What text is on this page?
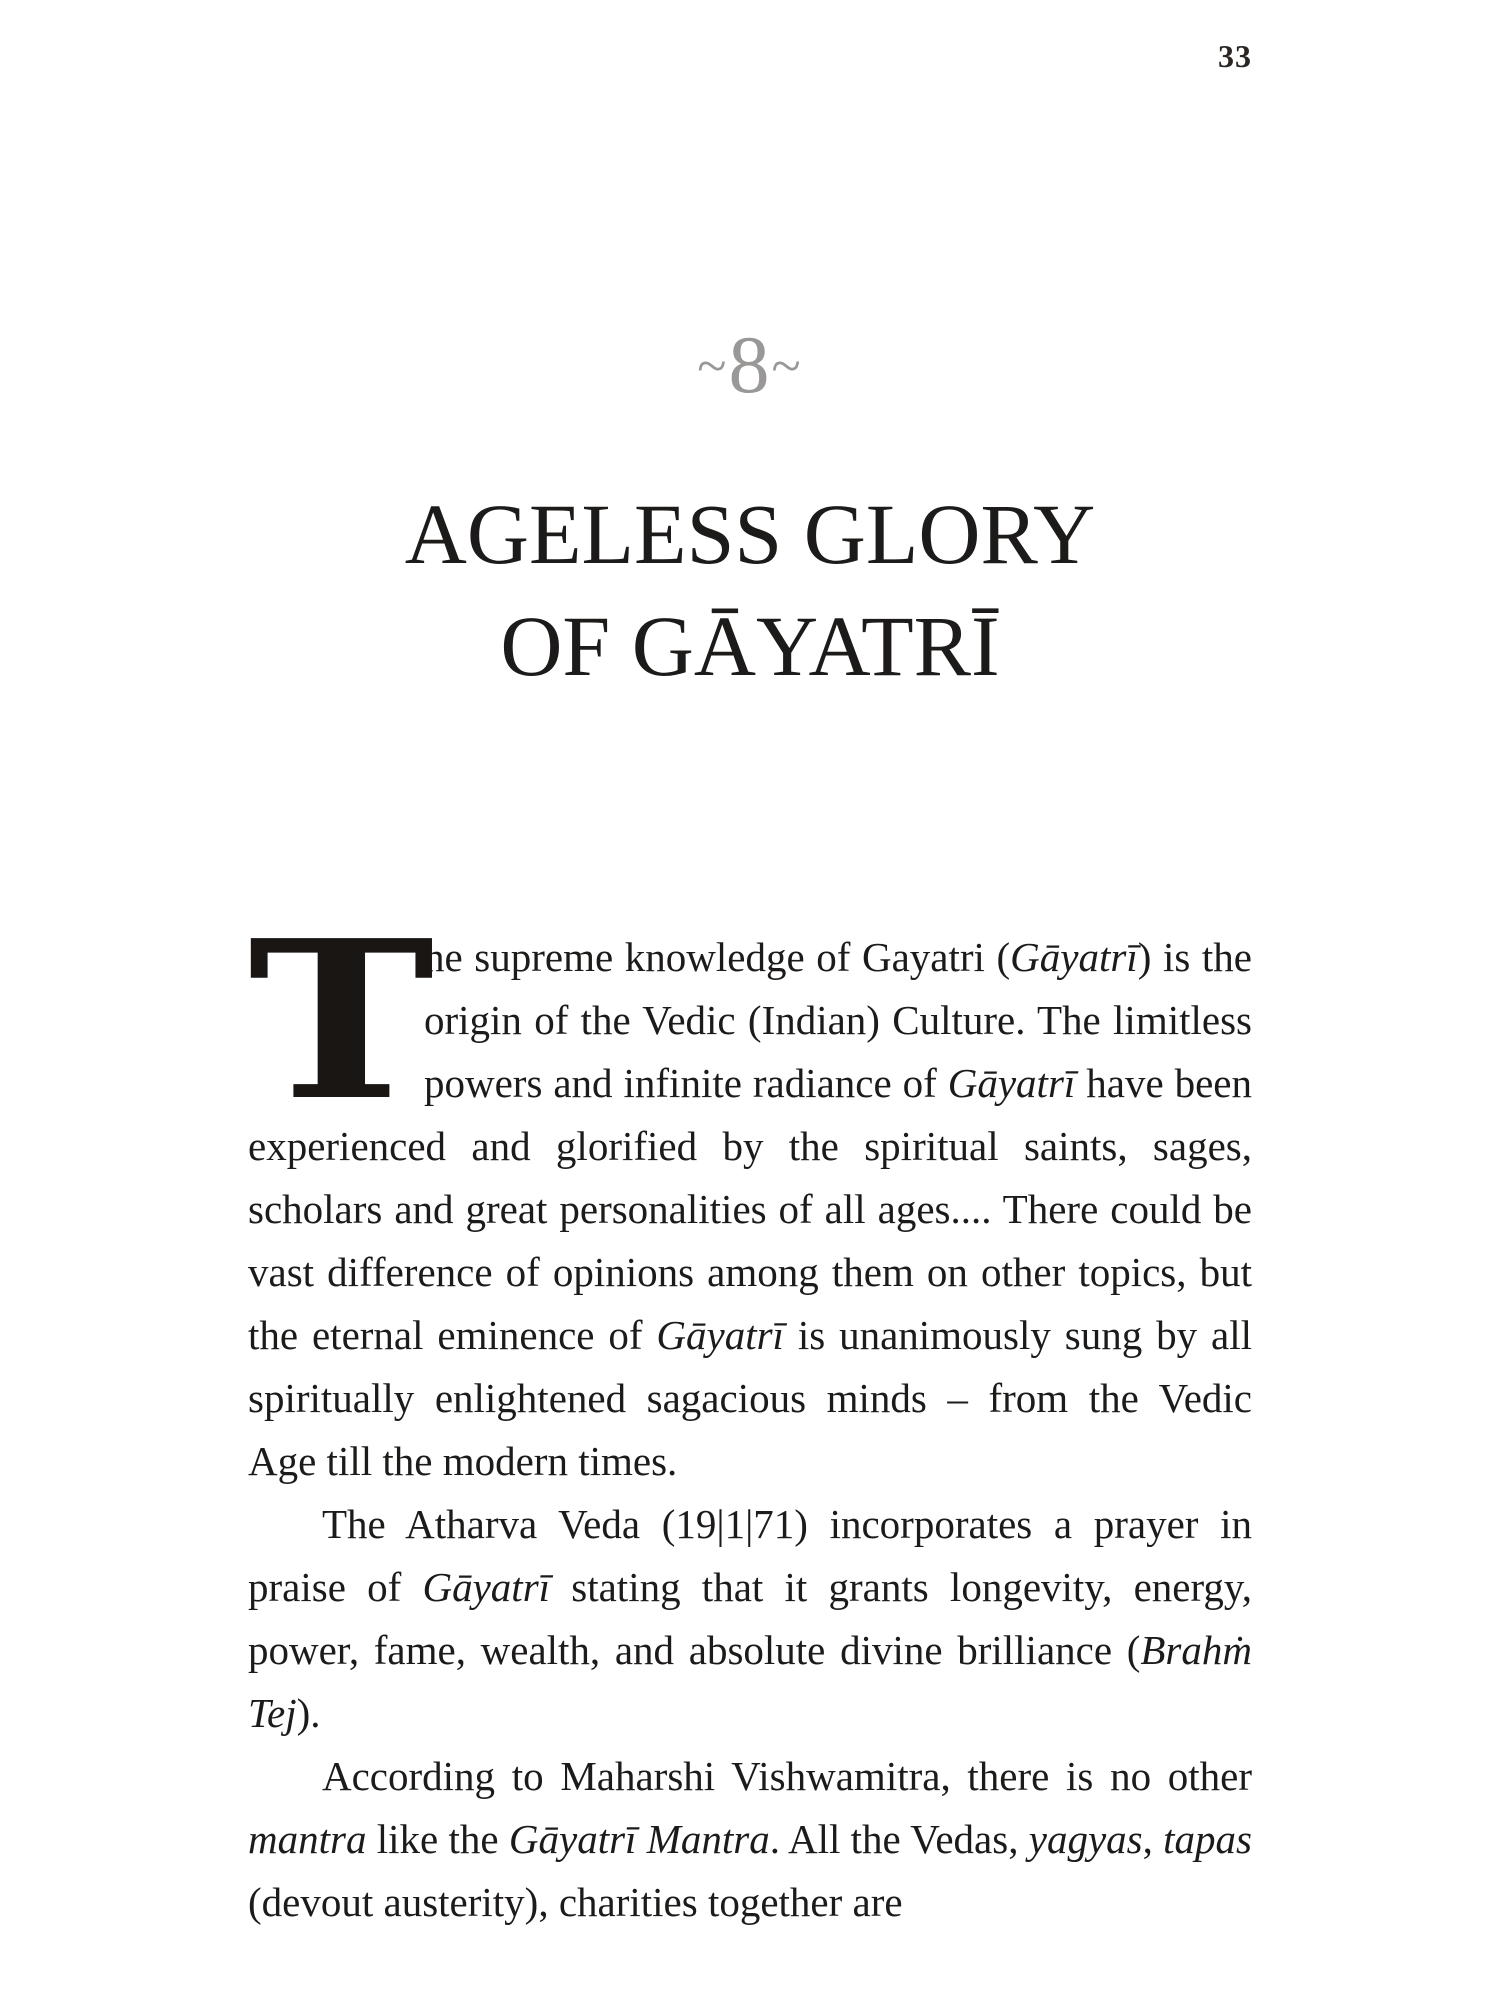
33
~8~
AGELESS GLORY
OF GĀYATRĪ

T
he supreme knowledge of Gayatri (Gāyatrī) is the origin of the Vedic (Indian) Culture. The limitless powers and infinite radiance of Gāyatrī have been experienced and glorified by the spiritual saints, sages, scholars and great personalities of all ages.... There could be vast difference of opinions among them on other topics, but the eternal eminence of Gāyatrī is unanimously sung by all spiritually enlightened sagacious minds – from the Vedic Age till the modern times.

The Atharva Veda (19|1|71) incorporates a prayer in praise of Gāyatrī stating that it grants longevity, energy, power, fame, wealth, and absolute divine brilliance (Brahṁ Tej).

According to Maharshi Vishwamitra, there is no other mantra like the Gāyatrī Mantra. All the Vedas, yagyas, tapas (devout austerity), charities together are
